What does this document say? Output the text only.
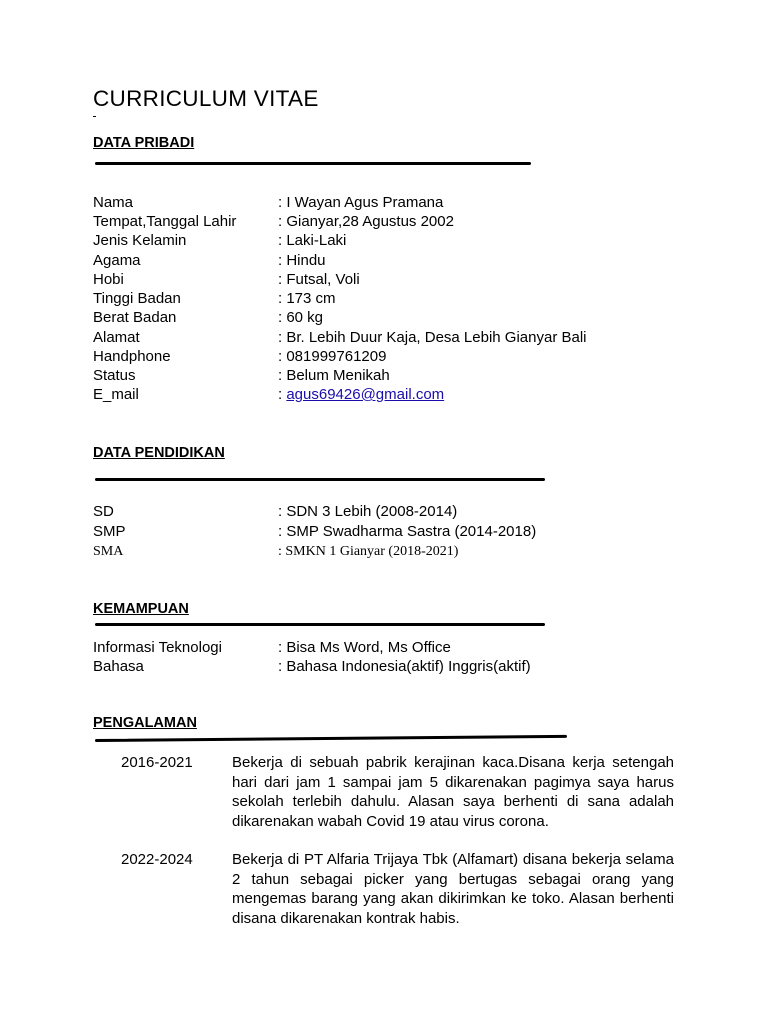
CURRICULUM VITAE
DATA PRIBADI
Nama	: I Wayan Agus Pramana
Tempat,Tanggal Lahir	: Gianyar,28 Agustus 2002
Jenis Kelamin	: Laki-Laki
Agama	: Hindu
Hobi	: Futsal, Voli
Tinggi Badan	: 173 cm
Berat Badan	: 60 kg
Alamat	: Br. Lebih Duur Kaja, Desa Lebih Gianyar Bali
Handphone	: 081999761209
Status	: Belum Menikah
E_mail	: agus69426@gmail.com
DATA PENDIDIKAN
SD	: SDN 3 Lebih (2008-2014)
SMP	: SMP Swadharma Sastra (2014-2018)
SMA	: SMKN 1 Gianyar (2018-2021)
KEMAMPUAN
Informasi Teknologi	: Bisa Ms Word, Ms Office
Bahasa	: Bahasa Indonesia(aktif) Inggris(aktif)
PENGALAMAN
2016-2021	Bekerja di sebuah pabrik kerajinan kaca.Disana kerja setengah hari dari jam 1 sampai jam 5 dikarenakan pagimya saya harus sekolah terlebih dahulu. Alasan saya berhenti di sana adalah dikarenakan wabah Covid 19 atau virus corona.
2022-2024	Bekerja di PT Alfaria Trijaya Tbk (Alfamart) disana bekerja selama 2 tahun sebagai picker yang bertugas sebagai orang yang mengemas barang yang akan dikirimkan ke toko. Alasan berhenti disana dikarenakan kontrak habis.
